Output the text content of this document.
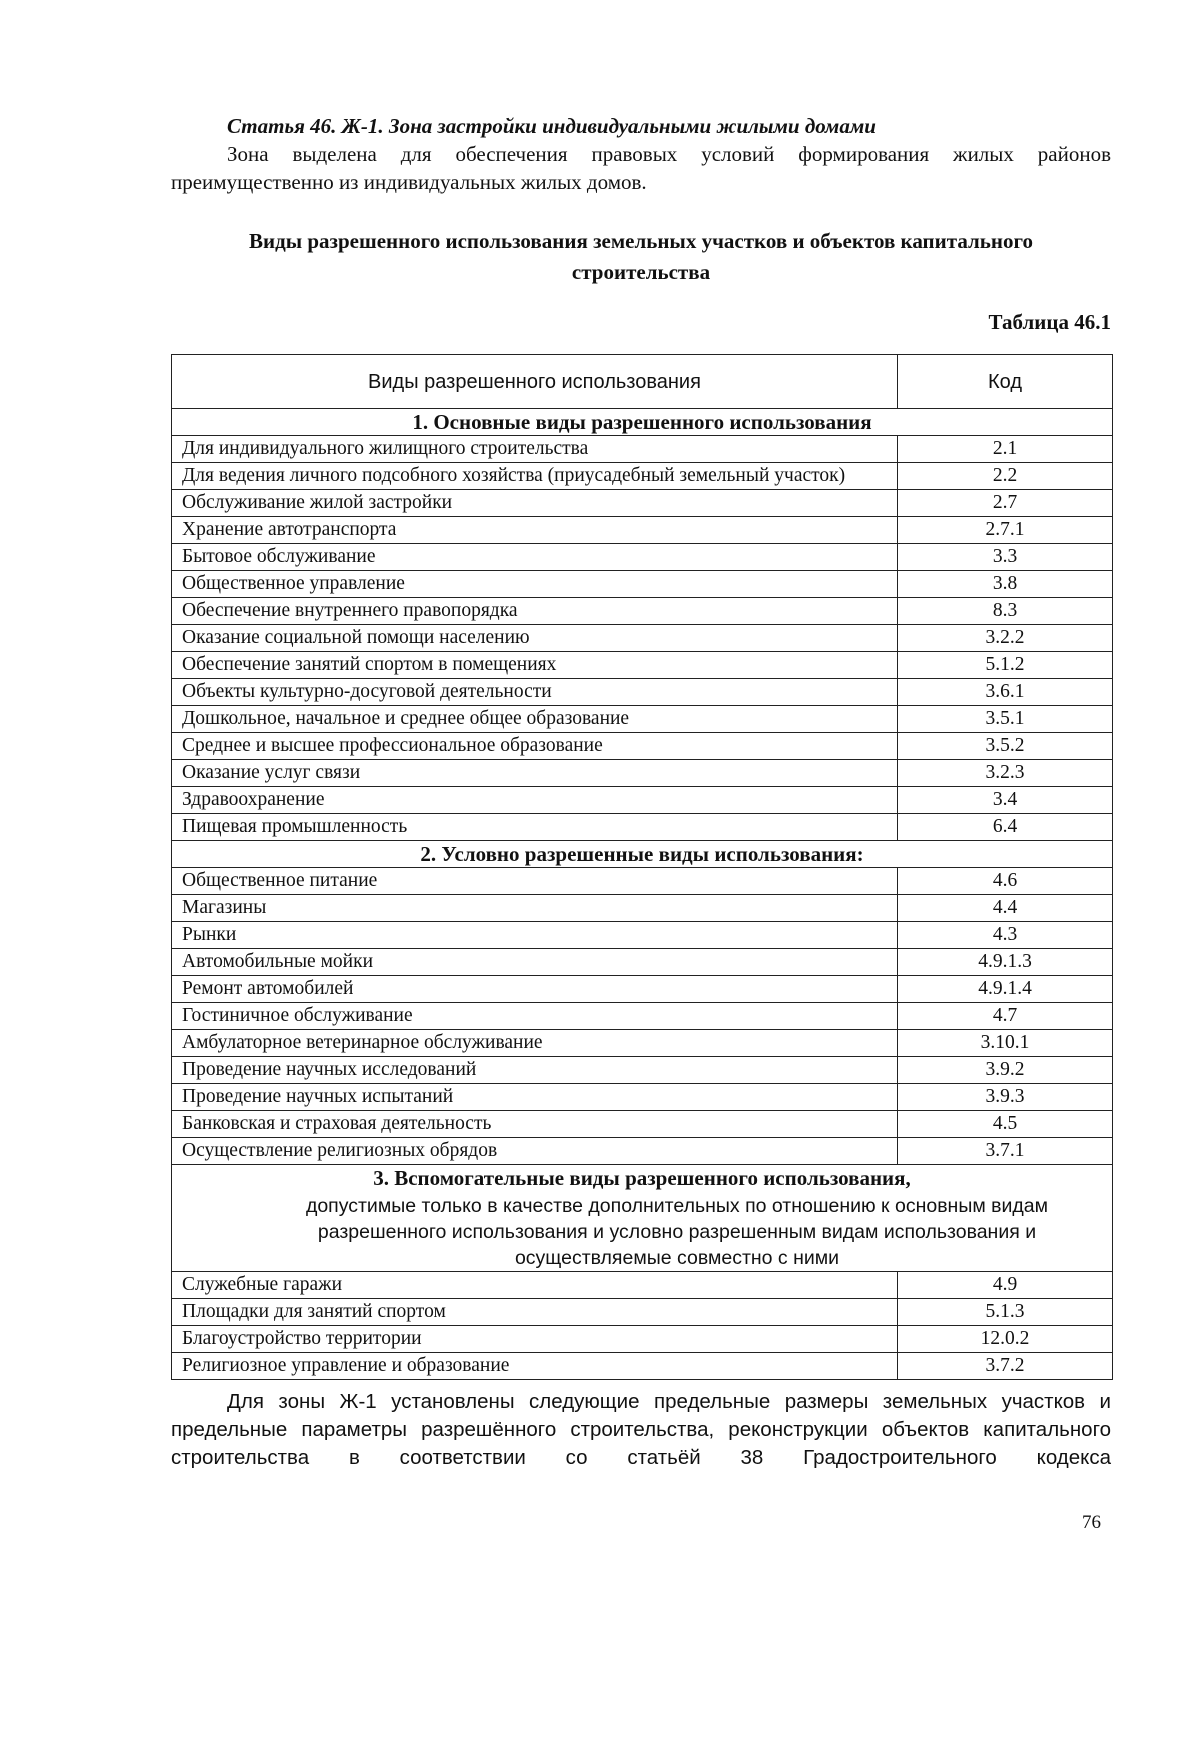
Статья 46. Ж-1. Зона застройки индивидуальными жилыми домами

Зона выделена для обеспечения правовых условий формирования жилых районов преимущественно из индивидуальных жилых домов.

Виды разрешенного использования земельных участков и объектов капитального
строительства
Таблица 46.1
Виды разрешенного использования	Код
1. Основные виды разрешенного использования	
Для индивидуального жилищного строительства	2.1
Для ведения личного подсобного хозяйства (приусадебный земельный участок)	2.2
Обслуживание жилой застройки	2.7
Хранение автотранспорта	2.7.1
Бытовое обслуживание	3.3
Общественное управление	3.8
Обеспечение внутреннего правопорядка	8.3
Оказание социальной помощи населению	3.2.2
Обеспечение занятий спортом в помещениях	5.1.2
Объекты культурно-досуговой деятельности	3.6.1
Дошкольное, начальное и среднее общее образование	3.5.1
Среднее и высшее профессиональное образование	3.5.2
Оказание услуг связи	3.2.3
Здравоохранение	3.4
Пищевая промышленность	6.4
2. Условно разрешенные виды использования:	
Общественное питание	4.6
Магазины	4.4
Рынки	4.3
Автомобильные мойки	4.9.1.3
Ремонт автомобилей	4.9.1.4
Гостиничное обслуживание	4.7
Амбулаторное ветеринарное обслуживание	3.10.1
Проведение научных исследований	3.9.2
Проведение научных испытаний	3.9.3
Банковская и страховая деятельность	4.5
Осуществление религиозных обрядов	3.7.1
3. Вспомогательные виды разрешенного использования,
допустимые только в качестве дополнительных по отношению к основным видам разрешенного использования и условно разрешенным видам использования и осуществляемые совместно с ними	

Служебные гаражи	4.9
Площадки для занятий спортом	5.1.3
Благоустройство территории	12.0.2
Религиозное управление и образование	3.7.2

Для зоны Ж-1 установлены следующие предельные размеры земельных участков и предельные параметры разрешённого строительства, реконструкции объектов капитального строительства в соответствии со статьёй 38 Градостроительного кодекса

76
